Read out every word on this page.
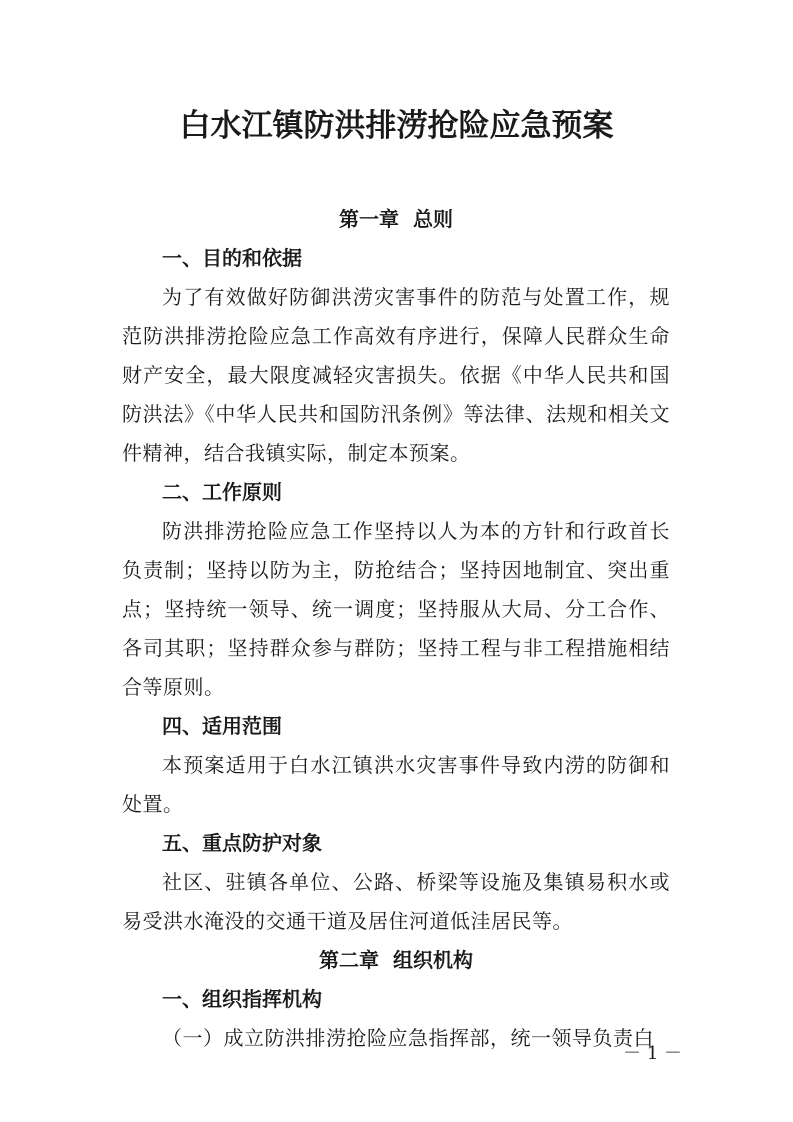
白水江镇防洪排涝抢险应急预案
第一章  总则
一、目的和依据

为了有效做好防御洪涝灾害事件的防范与处置工作，规范防洪排涝抢险应急工作高效有序进行，保障人民群众生命财产安全，最大限度减轻灾害损失。依据《中华人民共和国防洪法》《中华人民共和国防汛条例》等法律、法规和相关文件精神，结合我镇实际，制定本预案。

二、工作原则

防洪排涝抢险应急工作坚持以人为本的方针和行政首长负责制；坚持以防为主，防抢结合；坚持因地制宜、突出重点；坚持统一领导、统一调度；坚持服从大局、分工合作、各司其职；坚持群众参与群防；坚持工程与非工程措施相结合等原则。

四、适用范围

本预案适用于白水江镇洪水灾害事件导致内涝的防御和处置。

五、重点防护对象

社区、驻镇各单位、公路、桥梁等设施及集镇易积水或易受洪水淹没的交通干道及居住河道低洼居民等。

第二章  组织机构
一、组织指挥机构

（一）成立防洪排涝抢险应急指挥部，统一领导负责白

－ 1 －
